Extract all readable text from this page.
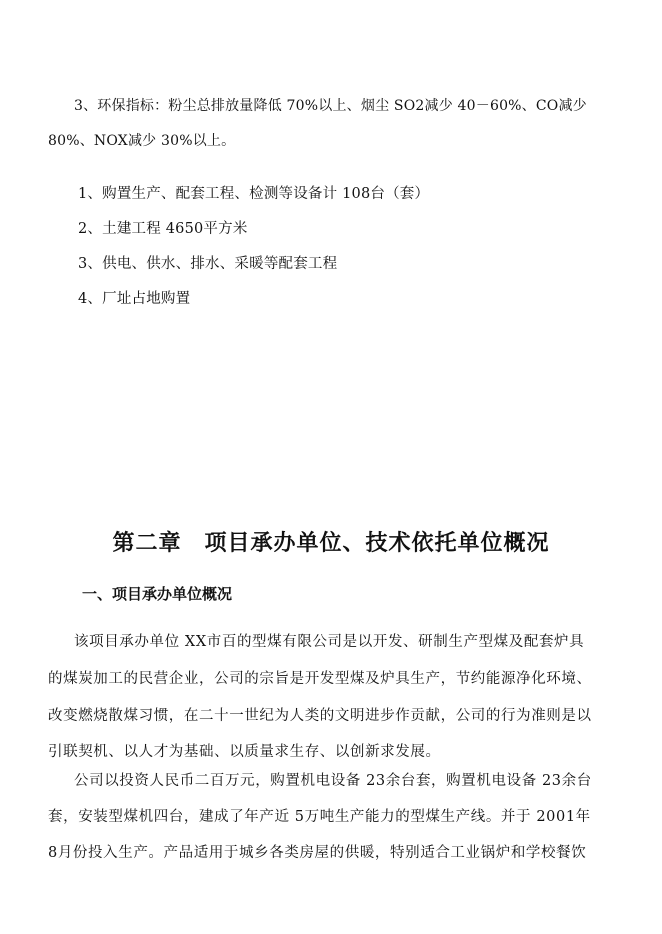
3、环保指标：粉尘总排放量降低 70%以上、烟尘 SO2减少 40－60%、CO减少
80%、NOX减少 30%以上。
1、购置生产、配套工程、检测等设备计 108台（套）
2、土建工程 4650平方米
3、供电、供水、排水、采暖等配套工程
4、厂址占地购置
第二章　项目承办单位、技术依托单位概况
一、项目承办单位概况
该项目承办单位 XX市百的型煤有限公司是以开发、研制生产型煤及配套炉具
的煤炭加工的民营企业，公司的宗旨是开发型煤及炉具生产，节约能源净化环境、
改变燃烧散煤习惯，在二十一世纪为人类的文明进步作贡献，公司的行为准则是以
引联契机、以人才为基础、以质量求生存、以创新求发展。
公司以投资人民币二百万元，购置机电设备 23余台套，购置机电设备 23余台
套，安装型煤机四台，建成了年产近 5万吨生产能力的型煤生产线。并于 2001年
8月份投入生产。产品适用于城乡各类房屋的供暖，特别适合工业锅炉和学校餐饮
